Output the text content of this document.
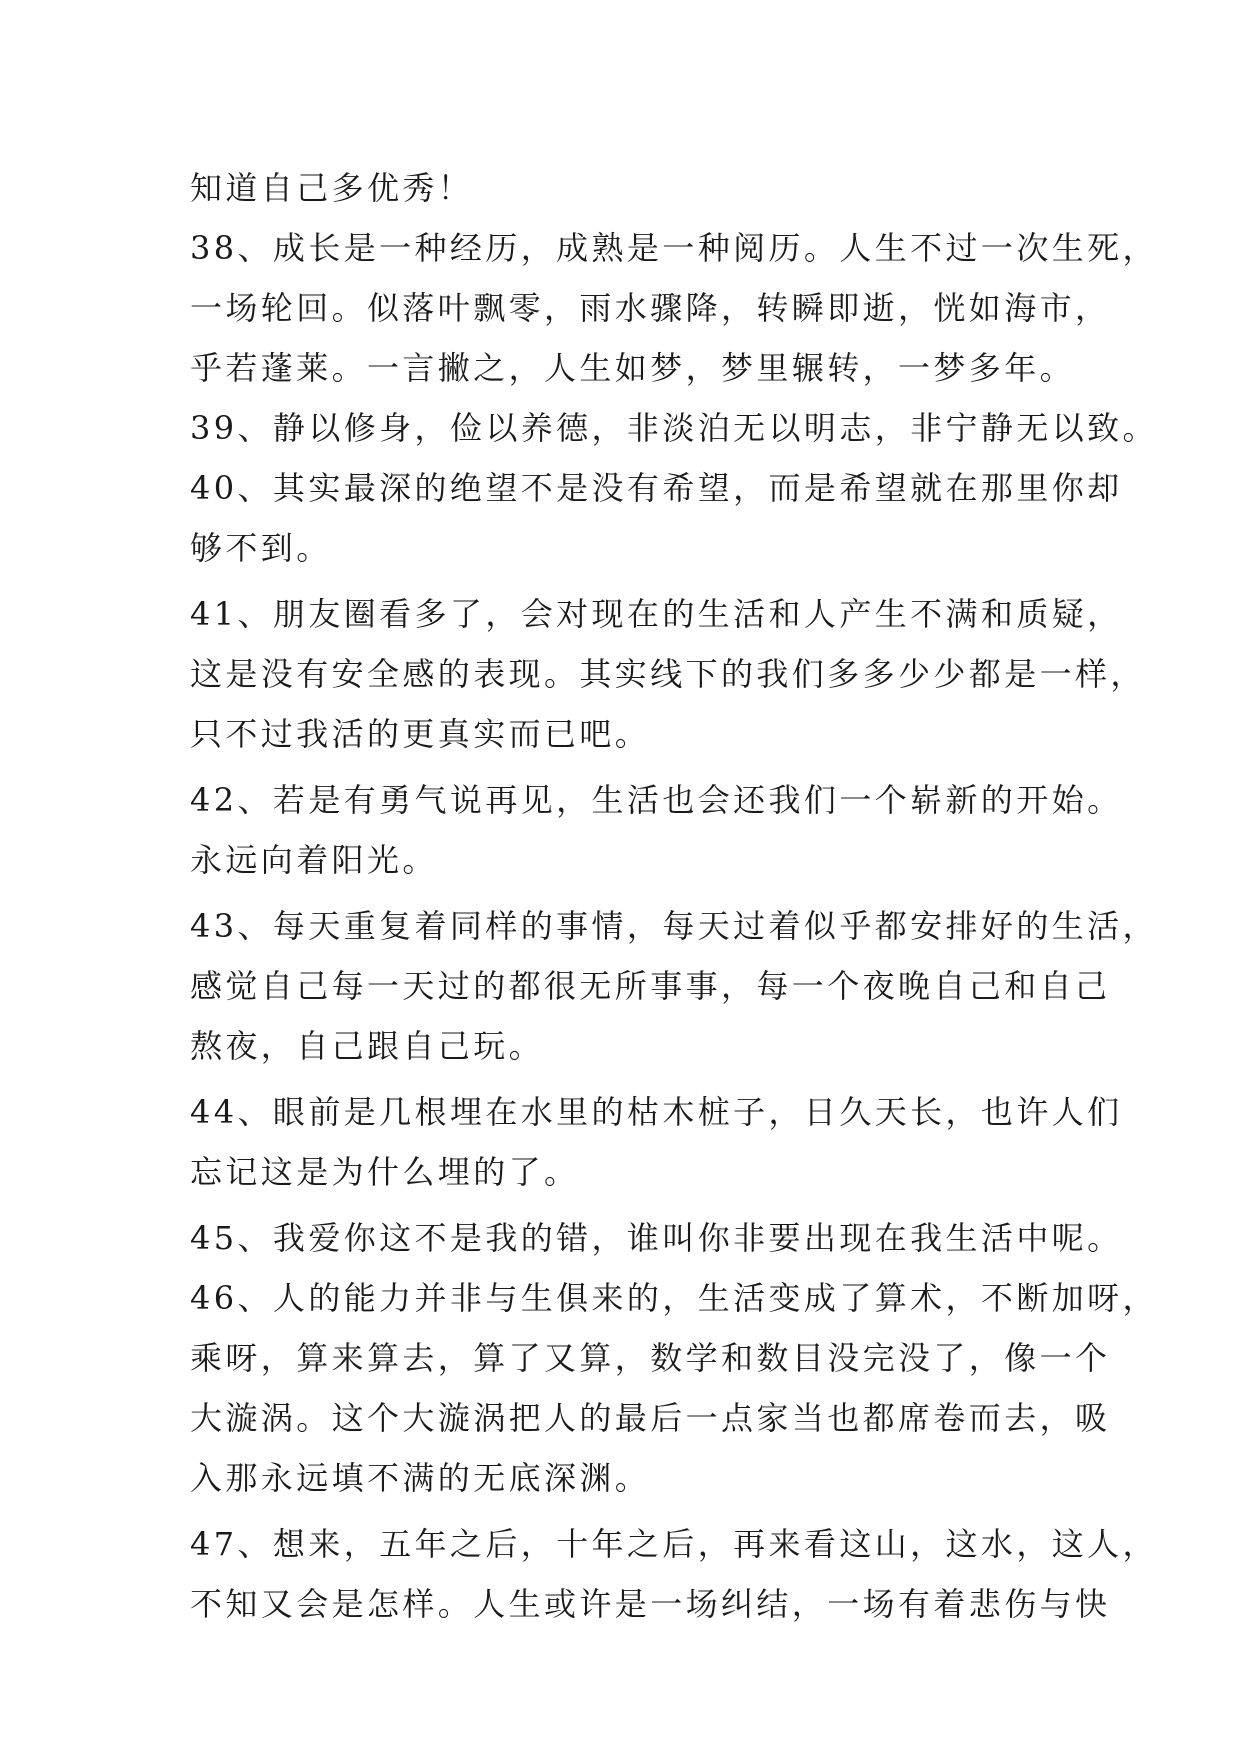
知道自己多优秀！
38、成长是一种经历，成熟是一种阅历。人生不过一次生死，
一场轮回。似落叶飘零，雨水骤降，转瞬即逝，恍如海市，
乎若蓬莱。一言撇之，人生如梦，梦里辗转，一梦多年。
39、静以修身，俭以养德，非淡泊无以明志，非宁静无以致。
40、其实最深的绝望不是没有希望，而是希望就在那里你却
够不到。
41、朋友圈看多了，会对现在的生活和人产生不满和质疑，
这是没有安全感的表现。其实线下的我们多多少少都是一样，
只不过我活的更真实而已吧。
42、若是有勇气说再见，生活也会还我们一个崭新的开始。
永远向着阳光。
43、每天重复着同样的事情，每天过着似乎都安排好的生活，
感觉自己每一天过的都很无所事事，每一个夜晚自己和自己
熬夜，自己跟自己玩。
44、眼前是几根埋在水里的枯木桩子，日久天长，也许人们
忘记这是为什么埋的了。
45、我爱你这不是我的错，谁叫你非要出现在我生活中呢。
46、人的能力并非与生俱来的，生活变成了算术，不断加呀，
乘呀，算来算去，算了又算，数学和数目没完没了，像一个
大漩涡。这个大漩涡把人的最后一点家当也都席卷而去，吸
入那永远填不满的无底深渊。
47、想来，五年之后，十年之后，再来看这山，这水，这人，
不知又会是怎样。人生或许是一场纠结，一场有着悲伤与快
